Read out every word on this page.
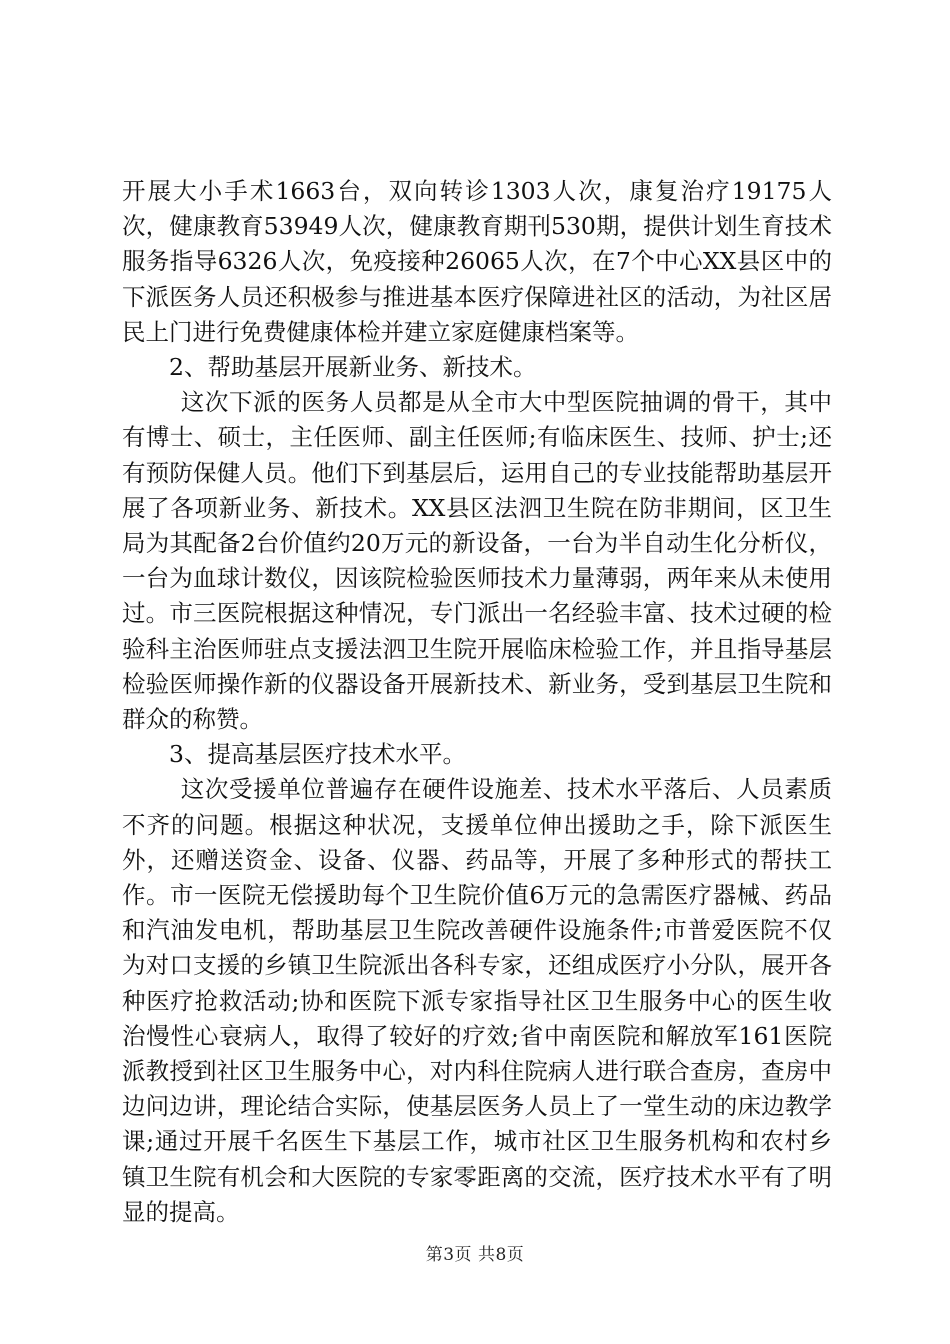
开展大小手术1663台，双向转诊1303人次，康复治疗19175人次，健康教育53949人次，健康教育期刊530期，提供计划生育技术服务指导6326人次，免疫接种26065人次，在7个中心XX县区中的下派医务人员还积极参与推进基本医疗保障进社区的活动，为社区居民上门进行免费健康体检并建立家庭健康档案等。

2、帮助基层开展新业务、新技术。

这次下派的医务人员都是从全市大中型医院抽调的骨干，其中有博士、硕士，主任医师、副主任医师;有临床医生、技师、护士;还有预防保健人员。他们下到基层后，运用自己的专业技能帮助基层开展了各项新业务、新技术。XX县区法泗卫生院在防非期间，区卫生局为其配备2台价值约20万元的新设备，一台为半自动生化分析仪，一台为血球计数仪，因该院检验医师技术力量薄弱，两年来从未使用过。市三医院根据这种情况，专门派出一名经验丰富、技术过硬的检验科主治医师驻点支援法泗卫生院开展临床检验工作，并且指导基层检验医师操作新的仪器设备开展新技术、新业务，受到基层卫生院和群众的称赞。

3、提高基层医疗技术水平。

这次受援单位普遍存在硬件设施差、技术水平落后、人员素质不齐的问题。根据这种状况，支援单位伸出援助之手，除下派医生外，还赠送资金、设备、仪器、药品等，开展了多种形式的帮扶工作。市一医院无偿援助每个卫生院价值6万元的急需医疗器械、药品和汽油发电机，帮助基层卫生院改善硬件设施条件;市普爱医院不仅为对口支援的乡镇卫生院派出各科专家，还组成医疗小分队，展开各种医疗抢救活动;协和医院下派专家指导社区卫生服务中心的医生收治慢性心衰病人，取得了较好的疗效;省中南医院和解放军161医院派教授到社区卫生服务中心，对内科住院病人进行联合查房，查房中边问边讲，理论结合实际，使基层医务人员上了一堂生动的床边教学课;通过开展千名医生下基层工作，城市社区卫生服务机构和农村乡镇卫生院有机会和大医院的专家零距离的交流，医疗技术水平有了明显的提高。

第3页 共8页
